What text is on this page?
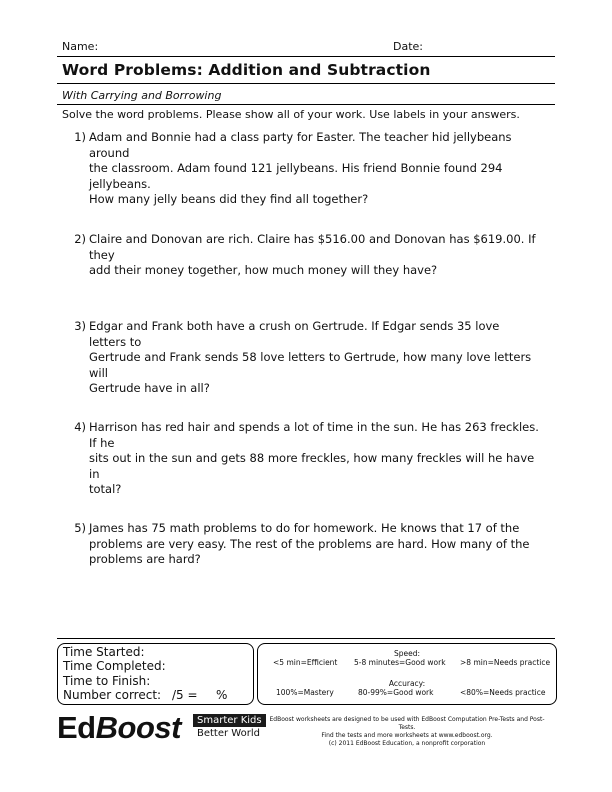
Name:	Date:
Word Problems: Addition and Subtraction
With Carrying and Borrowing
Solve the word problems. Please show all of your work. Use labels in your answers.
1) Adam and Bonnie had a class party for Easter. The teacher hid jellybeans around
the classroom. Adam found 121 jellybeans. His friend Bonnie found 294 jellybeans.
How many jelly beans did they find all together?
2) Claire and Donovan are rich. Claire has $516.00 and Donovan has $619.00. If they
add their money together, how much money will they have?
3) Edgar and Frank both have a crush on Gertrude. If Edgar sends 35 love letters to
Gertrude and Frank sends 58 love letters to Gertrude, how many love letters will
Gertrude have in all?
4) Harrison has red hair and spends a lot of time in the sun. He has 263 freckles. If he
sits out in the sun and gets 88 more freckles, how many freckles will he have in
total?
5) James has 75 math problems to do for homework. He knows that 17 of the
problems are very easy. The rest of the problems are hard. How many of the
problems are hard?
Time Started:
Time Completed:
Time to Finish:
Number correct: /5 = %
Speed:
<5 min=Efficient 5-8 minutes=Good work >8 min=Needs practice
Accuracy:
100%=Mastery	80-99%=Good work	<80%=Needs practice
EdBoost	Smarter Kids
Better World
EdBoost worksheets are designed to be used with EdBoost Computation Pre-Tests and Post-Tests.
Find the tests and more worksheets at www.edboost.org.
(c) 2011 EdBoost Education, a nonprofit corporation
